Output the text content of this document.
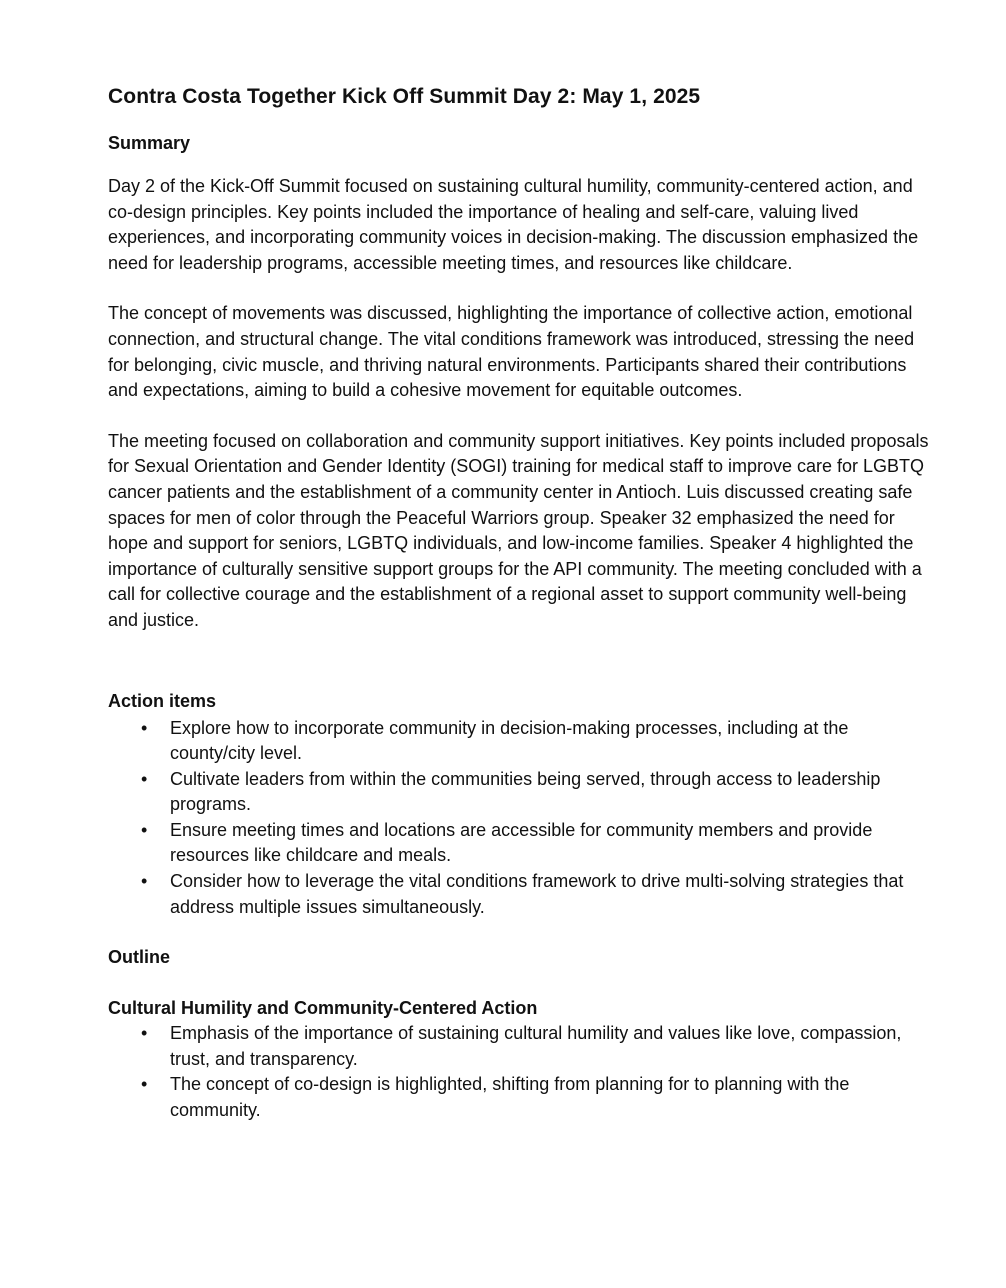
Contra Costa Together Kick Off Summit Day 2: May 1, 2025
Summary

Day 2 of the Kick-Off Summit focused on sustaining cultural humility, community-centered action, and co-design principles. Key points included the importance of healing and self-care, valuing lived experiences, and incorporating community voices in decision-making. The discussion emphasized the need for leadership programs, accessible meeting times, and resources like childcare.

The concept of movements was discussed, highlighting the importance of collective action, emotional connection, and structural change. The vital conditions framework was introduced, stressing the need for belonging, civic muscle, and thriving natural environments. Participants shared their contributions and expectations, aiming to build a cohesive movement for equitable outcomes.

The meeting focused on collaboration and community support initiatives. Key points included proposals for Sexual Orientation and Gender Identity (SOGI) training for medical staff to improve care for LGBTQ cancer patients and the establishment of a community center in Antioch. Luis discussed creating safe spaces for men of color through the Peaceful Warriors group. Speaker 32 emphasized the need for hope and support for seniors, LGBTQ individuals, and low-income families. Speaker 4 highlighted the importance of culturally sensitive support groups for the API community. The meeting concluded with a call for collective courage and the establishment of a regional asset to support community well-being and justice.

Action items
• Explore how to incorporate community in decision-making processes, including at the county/city level.
• Cultivate leaders from within the communities being served, through access to leadership programs.
• Ensure meeting times and locations are accessible for community members and provide resources like childcare and meals.
• Consider how to leverage the vital conditions framework to drive multi-solving strategies that address multiple issues simultaneously.
Outline
Cultural Humility and Community-Centered Action
• Emphasis of the importance of sustaining cultural humility and values like love, compassion, trust, and transparency.
• The concept of co-design is highlighted, shifting from planning for to planning with the community.
